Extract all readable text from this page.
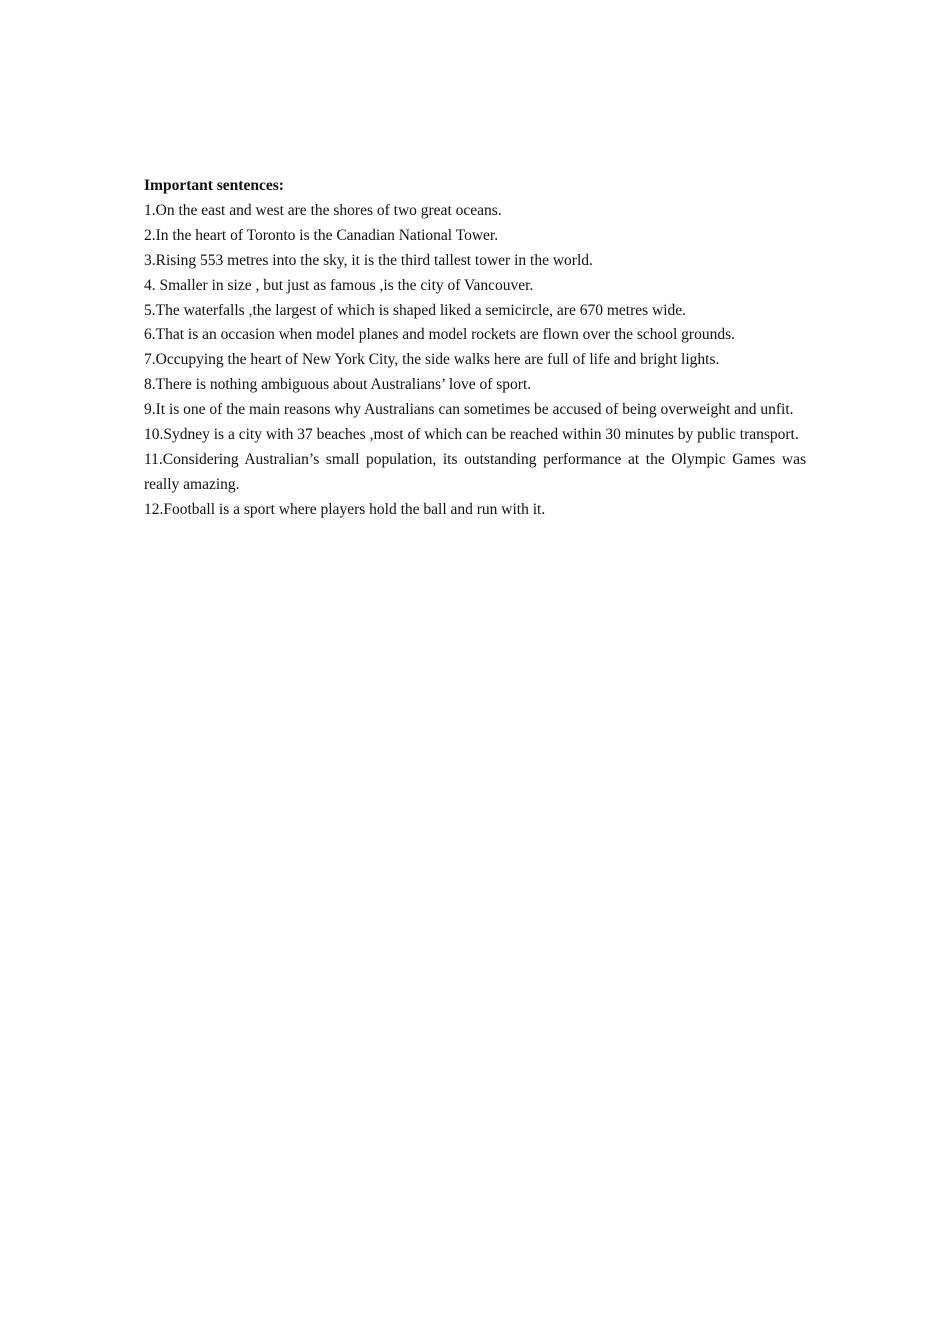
Important sentences:

1.On the east and west are the shores of two great oceans.
2.In the heart of Toronto is the Canadian National Tower.
3.Rising 553 metres into the sky, it is the third tallest tower in the world.
4. Smaller in size , but just as famous ,is the city of Vancouver.
5.The waterfalls ,the largest of which is shaped liked a semicircle, are 670 metres wide.
6.That is an occasion when model planes and model rockets are flown over the school grounds.
7.Occupying the heart of New York City, the side walks here are full of life and bright lights.
8.There is nothing ambiguous about Australians’ love of sport.
9.It is one of the main reasons why Australians can sometimes be accused of being overweight and unfit.
10.Sydney is a city with 37 beaches ,most of which can be reached within 30 minutes by public transport.
11.Considering Australian’s small population, its outstanding performance at the Olympic Games was really amazing.
12.Football is a sport where players hold the ball and run with it.
